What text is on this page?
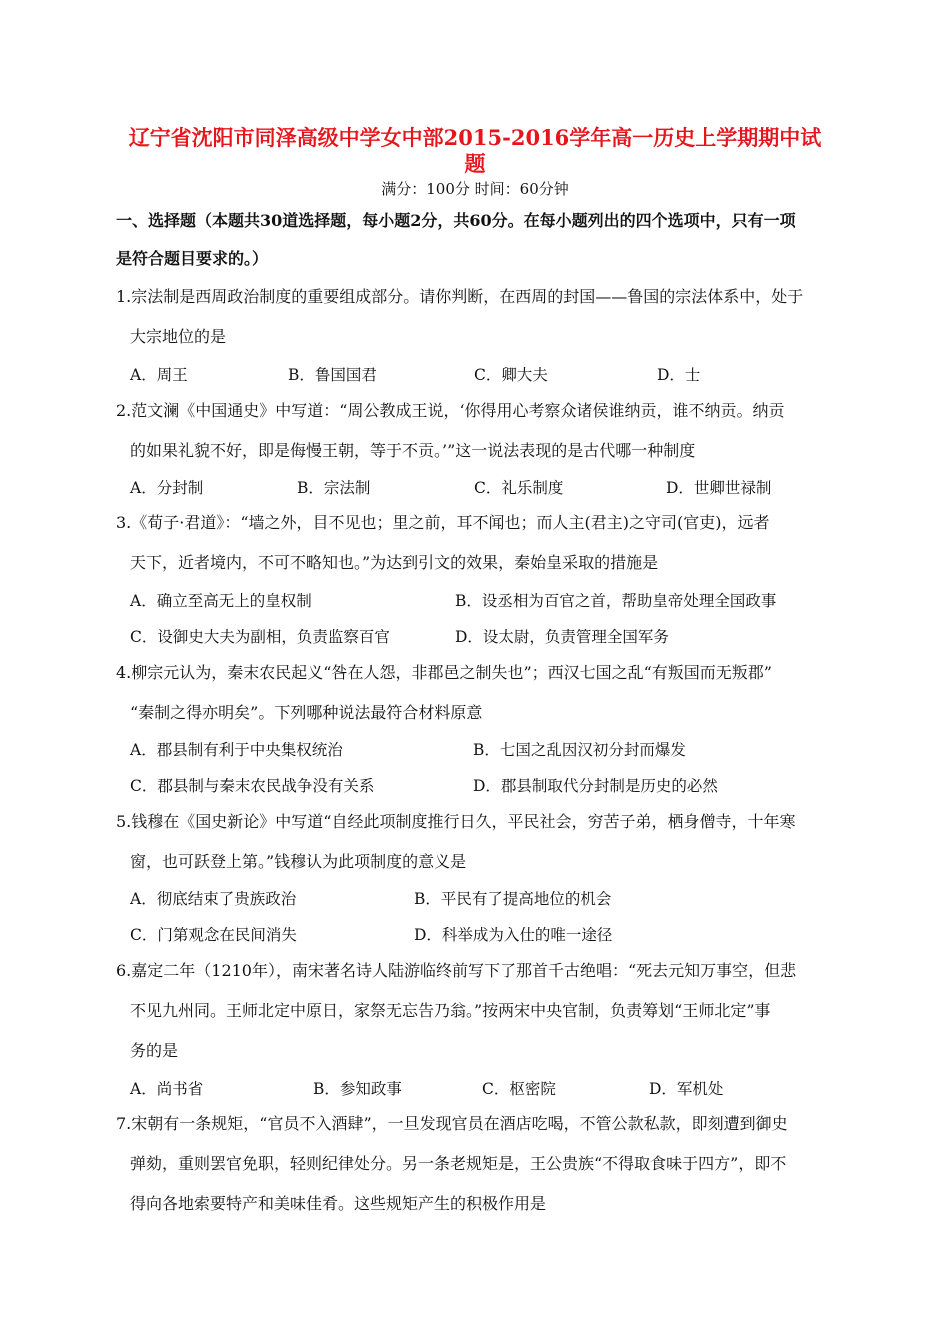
辽宁省沈阳市同泽高级中学女中部2015-2016学年高一历史上学期期中试
题
满分：100分 时间：60分钟
一、选择题（本题共30道选择题，每小题2分，共60分。在每小题列出的四个选项中，只有一项
是符合题目要求的。）
1.宗法制是西周政治制度的重要组成部分。请你判断，在西周的封国——鲁国的宗法体系中，处于
大宗地位的是
A．周王	B．鲁国国君	C．卿大夫	D．士
2.范文澜《中国通史》中写道：“周公教成王说，‘你得用心考察众诸侯谁纳贡，谁不纳贡。纳贡
的如果礼貌不好，即是侮慢王朝，等于不贡。’”这一说法表现的是古代哪一种制度
A．分封制	B．宗法制	C．礼乐制度	D．世卿世禄制
3.《荀子·君道》：“墙之外，目不见也；里之前，耳不闻也；而人主(君主)之守司(官吏)，远者
天下，近者境内，不可不略知也。”为达到引文的效果，秦始皇采取的措施是
A．确立至高无上的皇权制	B．设丞相为百官之首，帮助皇帝处理全国政事
C．设御史大夫为副相，负责监察百官	D．设太尉，负责管理全国军务
4.柳宗元认为，秦末农民起义“咎在人怨，非郡邑之制失也”；西汉七国之乱“有叛国而无叛郡”
“秦制之得亦明矣”。下列哪种说法最符合材料原意
A．郡县制有利于中央集权统治	B．七国之乱因汉初分封而爆发
C．郡县制与秦末农民战争没有关系	D．郡县制取代分封制是历史的必然
5.钱穆在《国史新论》中写道“自经此项制度推行日久，平民社会，穷苦子弟，栖身僧寺，十年寒
窗，也可跃登上第。”钱穆认为此项制度的意义是
A．彻底结束了贵族政治	B．平民有了提高地位的机会
C．门第观念在民间消失	D．科举成为入仕的唯一途径
6.嘉定二年（1210年），南宋著名诗人陆游临终前写下了那首千古绝唱：“死去元知万事空，但悲
不见九州同。王师北定中原日，家祭无忘告乃翁。”按两宋中央官制，负责筹划“王师北定”事
务的是
A．尚书省	B．参知政事	C．枢密院	D．军机处
7.宋朝有一条规矩，“官员不入酒肆”，一旦发现官员在酒店吃喝，不管公款私款，即刻遭到御史
弹劾，重则罢官免职，轻则纪律处分。另一条老规矩是，王公贵族“不得取食味于四方”，即不
得向各地索要特产和美味佳肴。这些规矩产生的积极作用是
